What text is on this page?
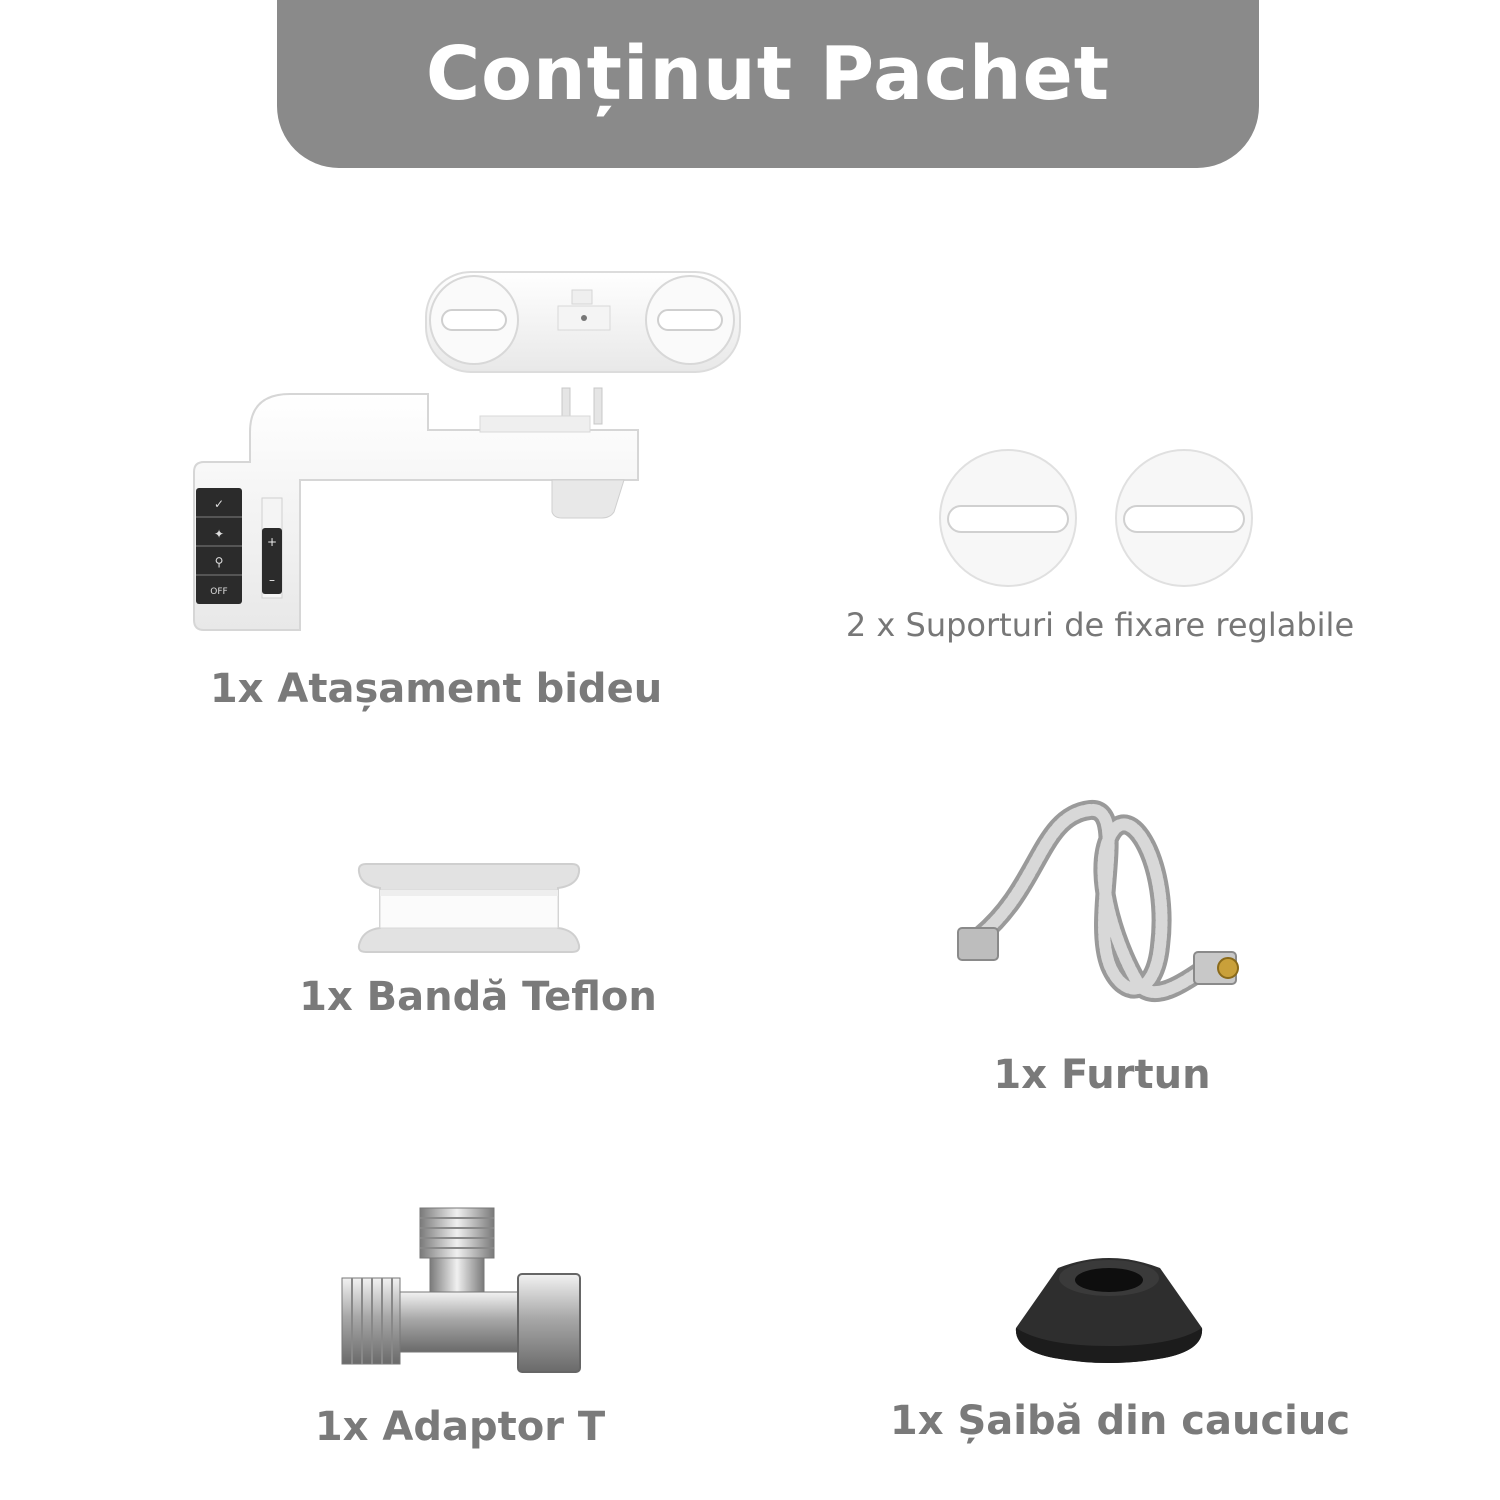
Conținut Pachet
✓
✦
⚲
OFF
+
–
1x Atașament bideu
2 x Suporturi de fixare reglabile
1x Bandă Teflon
1x Furtun
1x Adaptor T	1x Șaibă din cauciuc
